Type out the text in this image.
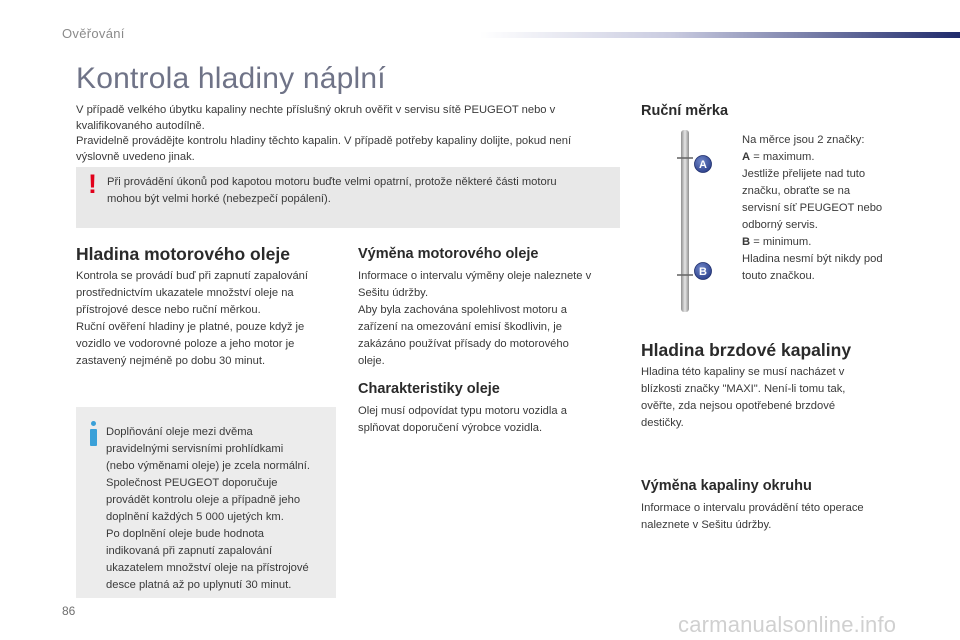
Ověřování
Kontrola hladiny náplní
V případě velkého úbytku kapaliny nechte příslušný okruh ověřit v servisu sítě PEUGEOT nebo v
kvalifikovaného autodílně.
Pravidelně provádějte kontrolu hladiny těchto kapalin. V případě potřeby kapaliny dolijte, pokud není
výslovně uvedeno jinak.
! Při provádění úkonů pod kapotou motoru buďte velmi opatrní, protože některé části motoru
mohou být velmi horké (nebezpečí popálení).
Hladina motorového oleje
Kontrola se provádí buď při zapnutí zapalování
prostřednictvím ukazatele množství oleje na
přístrojové desce nebo ruční měrkou.
Ruční ověření hladiny je platné, pouze když je
vozidlo ve vodorovné poloze a jeho motor je
zastavený nejméně po dobu 30 minut.
Doplňování oleje mezi dvěma
pravidelnými servisními prohlídkami
(nebo výměnami oleje) je zcela normální.
Společnost PEUGEOT doporučuje
provádět kontrolu oleje a případně jeho
doplnění každých 5 000 ujetých km.
Po doplnění oleje bude hodnota
indikovaná při zapnutí zapalování
ukazatelem množství oleje na přístrojové
desce platná až po uplynutí 30 minut.
Výměna motorového oleje
Informace o intervalu výměny oleje naleznete v
Sešitu údržby.
Aby byla zachována spolehlivost motoru a
zařízení na omezování emisí škodlivin, je
zakázáno používat přísady do motorového
oleje.
Charakteristiky oleje
Olej musí odpovídat typu motoru vozidla a
splňovat doporučení výrobce vozidla.
Ruční měrka
A
B
Na měrce jsou 2 značky:
A = maximum.
Jestliže přelijete nad tuto
značku, obraťte se na
servisní síť PEUGEOT nebo
odborný servis.
B = minimum.
Hladina nesmí být nikdy pod
touto značkou.
Hladina brzdové kapaliny
Hladina této kapaliny se musí nacházet v
blízkosti značky "MAXI". Není-li tomu tak,
ověřte, zda nejsou opotřebené brzdové
destičky.
Výměna kapaliny okruhu
Informace o intervalu provádění této operace
naleznete v Sešitu údržby.
86
carmanualsonline.info
